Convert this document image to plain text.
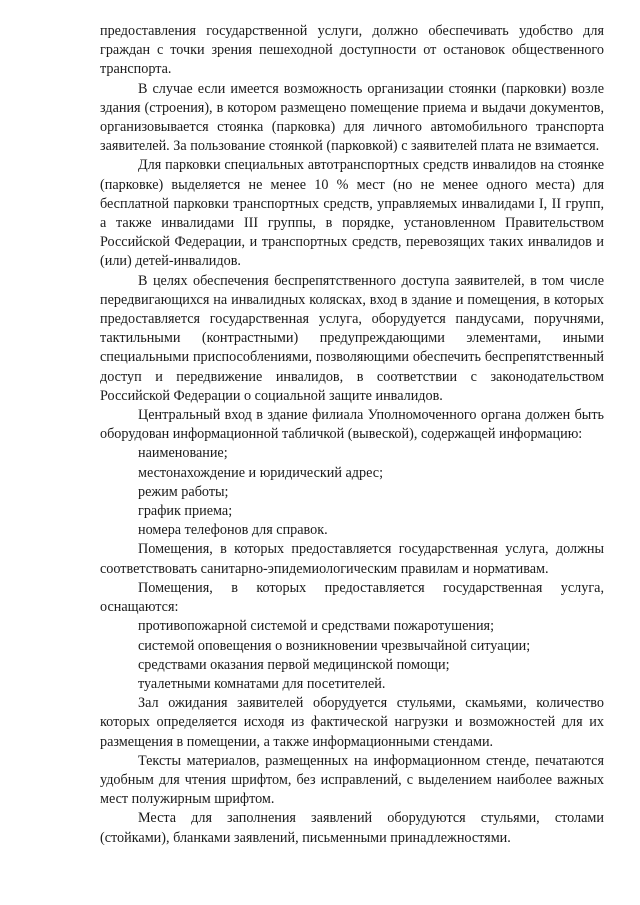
предоставления государственной услуги, должно обеспечивать удобство для граждан с точки зрения пешеходной доступности от остановок общественного транспорта.

В случае если имеется возможность организации стоянки (парковки) возле здания (строения), в котором размещено помещение приема и выдачи документов, организовывается стоянка (парковка) для личного автомобильного транспорта заявителей. За пользование стоянкой (парковкой) с заявителей плата не взимается.

Для парковки специальных автотранспортных средств инвалидов на стоянке (парковке) выделяется не менее 10 % мест (но не менее одного места) для бесплатной парковки транспортных средств, управляемых инвалидами I, II групп, а также инвалидами III группы, в порядке, установленном Правительством Российской Федерации, и транспортных средств, перевозящих таких инвалидов и (или) детей-инвалидов.

В целях обеспечения беспрепятственного доступа заявителей, в том числе передвигающихся на инвалидных колясках, вход в здание и помещения, в которых предоставляется государственная услуга, оборудуется пандусами, поручнями, тактильными (контрастными) предупреждающими элементами, иными специальными приспособлениями, позволяющими обеспечить беспрепятственный доступ и передвижение инвалидов, в соответствии с законодательством Российской Федерации о социальной защите инвалидов.

Центральный вход в здание филиала Уполномоченного органа должен быть оборудован информационной табличкой (вывеской), содержащей информацию:

наименование;

местонахождение и юридический адрес;

режим работы;

график приема;

номера телефонов для справок.

Помещения, в которых предоставляется государственная услуга, должны соответствовать санитарно-эпидемиологическим правилам и нормативам.

Помещения, в которых предоставляется государственная услуга, оснащаются:

противопожарной системой и средствами пожаротушения;

системой оповещения о возникновении чрезвычайной ситуации;

средствами оказания первой медицинской помощи;

туалетными комнатами для посетителей.

Зал ожидания заявителей оборудуется стульями, скамьями, количество которых определяется исходя из фактической нагрузки и возможностей для их размещения в помещении, а также информационными стендами.

Тексты материалов, размещенных на информационном стенде, печатаются удобным для чтения шрифтом, без исправлений, с выделением наиболее важных мест полужирным шрифтом.

Места для заполнения заявлений оборудуются стульями, столами (стойками), бланками заявлений, письменными принадлежностями.
